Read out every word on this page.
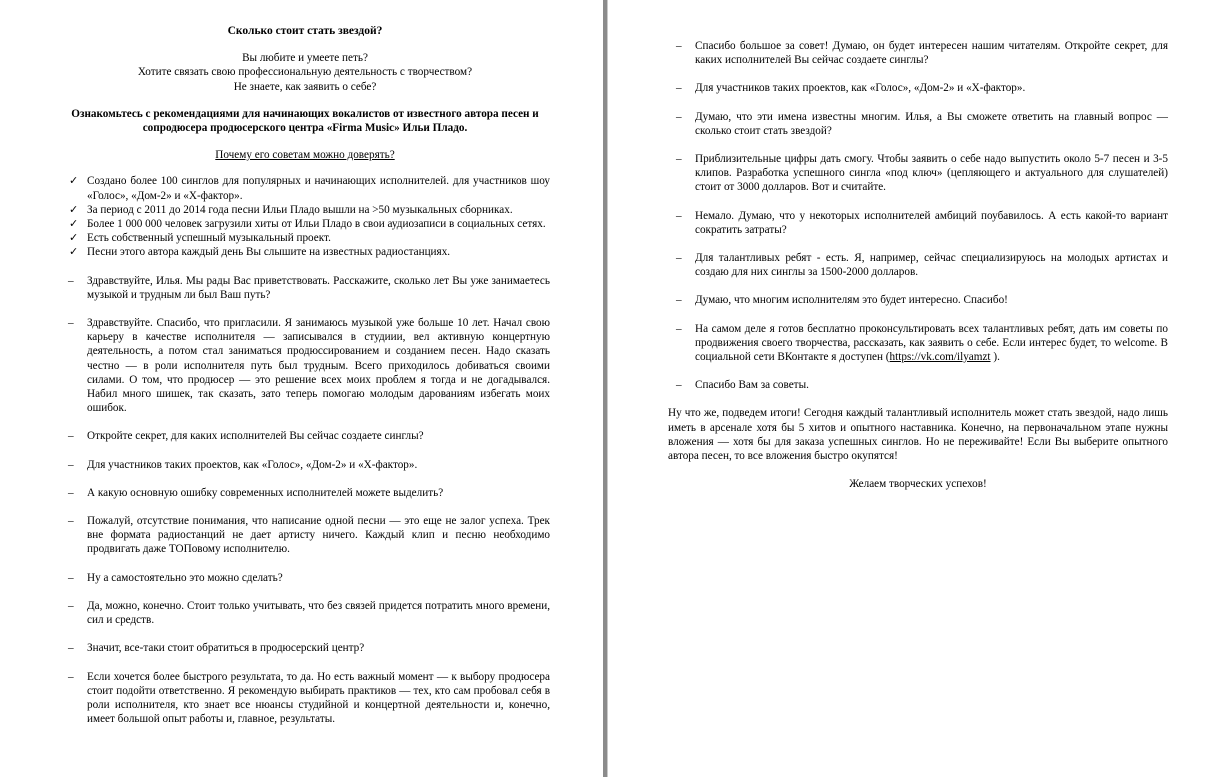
Сколько стоит стать звездой?
Вы любите и умеете петь?
Хотите связать свою профессиональную деятельность с творчеством?
Не знаете, как заявить о себе?
Ознакомьтесь с рекомендациями для начинающих вокалистов от известного автора песен и сопродюсера продюсерского центра «Firma Music» Ильи Пладо.
Почему его советам можно доверять?
✓ Создано более 100 синглов для популярных и начинающих исполнителей. для участников шоу «Голос», «Дом-2» и «Х-фактор».
✓ За период с 2011 до 2014 года песни Ильи Пладо вышли на >50 музыкальных сборниках.
✓ Более 1 000 000 человек загрузили хиты от Ильи Пладо в свои аудиозаписи в социальных сетях.
✓ Есть собственный успешный музыкальный проект.
✓ Песни этого автора каждый день Вы слышите на известных радиостанциях.
– Здравствуйте, Илья. Мы рады Вас приветствовать. Расскажите, сколько лет Вы уже занимаетесь музыкой и трудным ли был Ваш путь?
– Здравствуйте. Спасибо, что пригласили. Я занимаюсь музыкой уже больше 10 лет. Начал свою карьеру в качестве исполнителя — записывался в студиии, вел активную концертную деятельность, а потом стал заниматься продюссированием и созданием песен. Надо сказать честно — в роли исполнителя путь был трудным. Всего приходилось добиваться своими силами. О том, что продюсер — это решение всех моих проблем я тогда и не догадывался. Набил много шишек, так сказать, зато теперь помогаю молодым дарованиям избегать моих ошибок.
– Откройте секрет, для каких исполнителей Вы сейчас создаете синглы?
– Для участников таких проектов, как «Голос», «Дом-2» и «Х-фактор».
– А какую основную ошибку современных исполнителей можете выделить?
– Пожалуй, отсутствие понимания, что написание одной песни — это еще не залог успеха. Трек вне формата радиостанций не дает артисту ничего. Каждый клип и песню необходимо продвигать даже ТОПовому исполнителю.
– Ну а самостоятельно это можно сделать?
– Да, можно, конечно. Стоит только учитывать, что без связей придется потратить много времени, сил и средств.
– Значит, все-таки стоит обратиться в продюсерский центр?
– Если хочется более быстрого результата, то да. Но есть важный момент — к выбору продюсера стоит подойти ответственно. Я рекомендую выбирать практиков — тех, кто сам пробовал себя в роли исполнителя, кто знает все нюансы студийной и концертной деятельности и, конечно, имеет большой опыт работы и, главное, результаты.
– Спасибо большое за совет! Думаю, он будет интересен нашим читателям. Откройте секрет, для каких исполнителей Вы сейчас создаете синглы?
– Для участников таких проектов, как «Голос», «Дом-2» и «Х-фактор».
– Думаю, что эти имена известны многим. Илья, а Вы сможете ответить на главный вопрос — сколько стоит стать звездой?
– Приблизительные цифры дать смогу. Чтобы заявить о себе надо выпустить около 5-7 песен и 3-5 клипов. Разработка успешного сингла «под ключ» (цепляющего и актуального для слушателей) стоит от 3000 долларов. Вот и считайте.
– Немало. Думаю, что у некоторых исполнителей амбиций поубавилось. А есть какой-то вариант сократить затраты?
– Для талантливых ребят - есть. Я, например, сейчас специализируюсь на молодых артистах и создаю для них синглы за 1500-2000 долларов.
– Думаю, что многим исполнителям это будет интересно. Спасибо!
– На самом деле я готов бесплатно проконсультировать всех талантливых ребят, дать им советы по продвижения своего творчества, рассказать, как заявить о себе. Если интерес будет, то welcome. В социальной сети ВКонтакте я доступен (https://vk.com/ilyamzt ).
– Спасибо Вам за советы.
Ну что же, подведем итоги! Сегодня каждый талантливый исполнитель может стать звездой, надо лишь иметь в арсенале хотя бы 5 хитов и опытного наставника. Конечно, на первоначальном этапе нужны вложения — хотя бы для заказа успешных синглов. Но не переживайте! Если Вы выберите опытного автора песен, то все вложения быстро окупятся!
Желаем творческих успехов!
